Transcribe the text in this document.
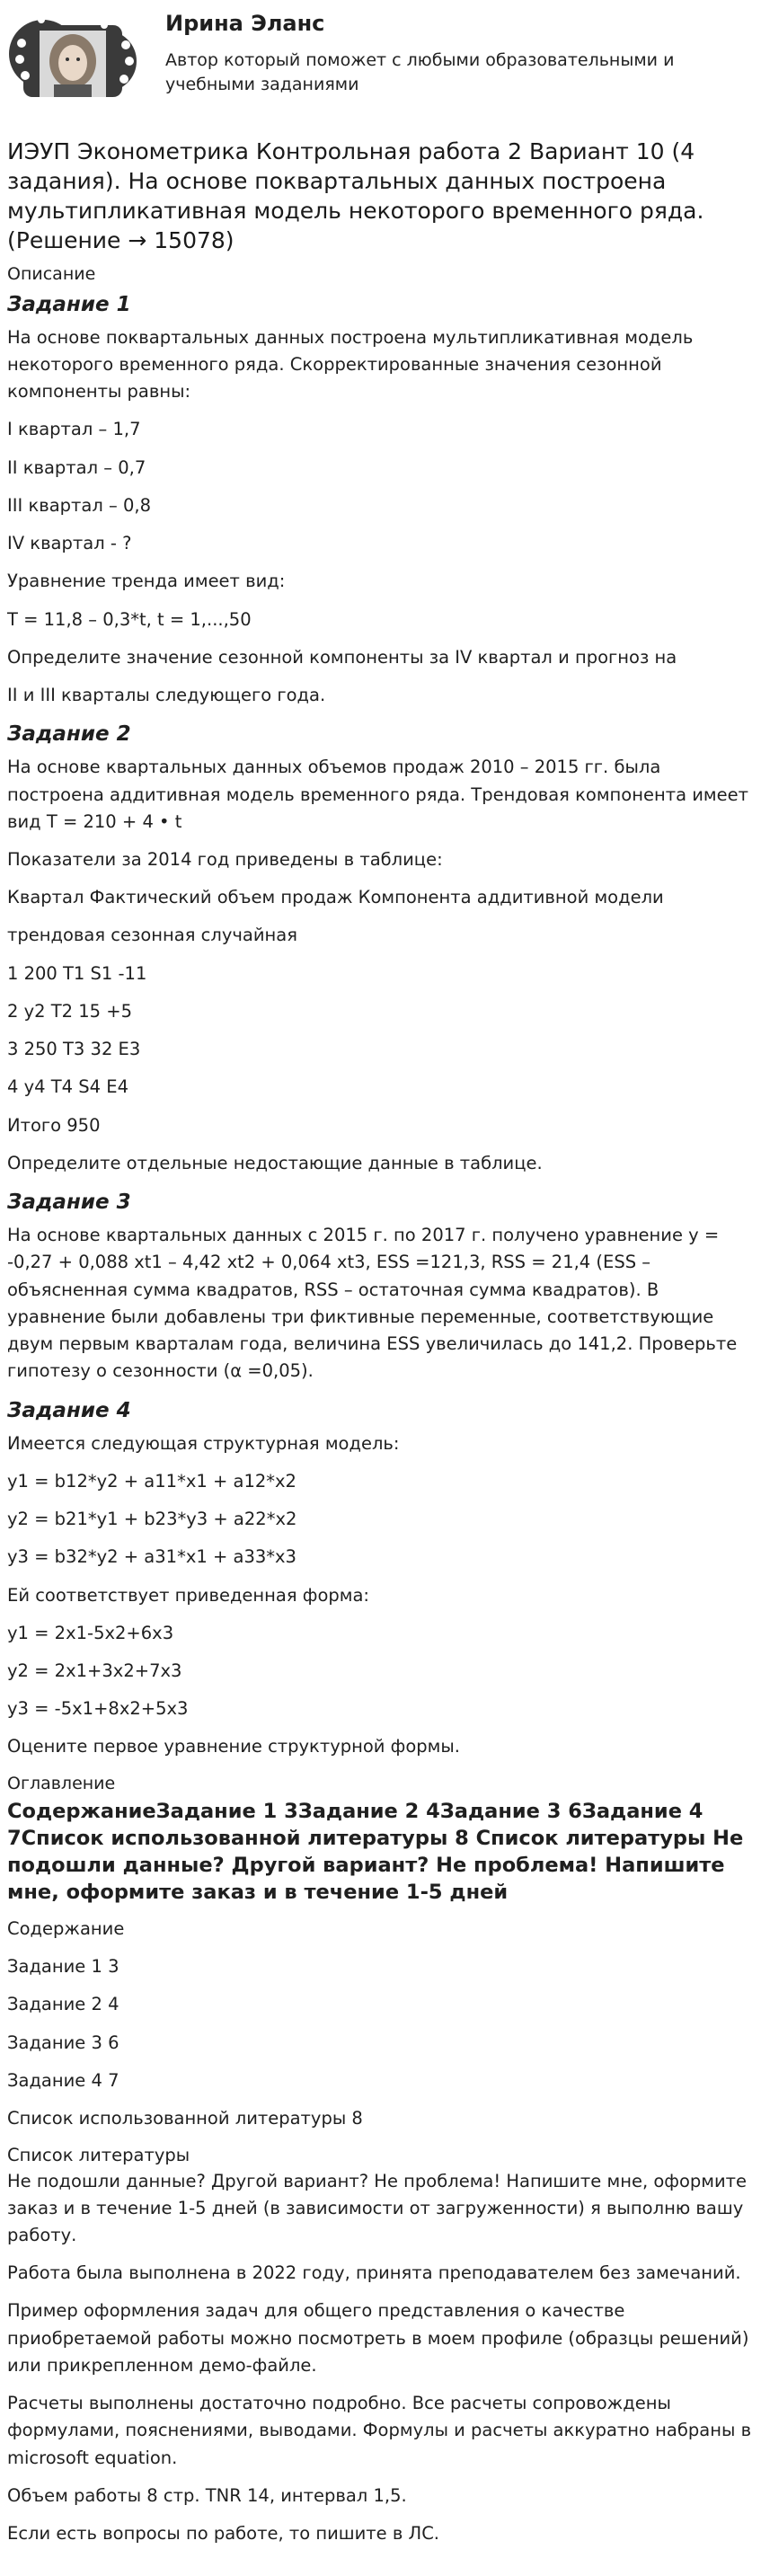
Ирина Эланс
Автор который поможет с любыми образовательными и учебными заданиями
ИЭУП Эконометрика Контрольная работа 2 Вариант 10 (4 задания). На основе поквартальных данных построена мультипликативная модель некоторого временного ряда. (Решение → 15078)
Описание
Задание 1

На основе поквартальных данных построена мультипликативная модель некоторого временного ряда. Скорректированные значения сезонной компоненты равны:

I квартал – 1,7

II квартал – 0,7

III квартал – 0,8

IV квартал - ?

Уравнение тренда имеет вид:

T = 11,8 – 0,3*t, t = 1,...,50

Определите значение сезонной компоненты за IV квартал и прогноз на

II и III кварталы следующего года.

Задание 2

На основе квартальных данных объемов продаж 2010 – 2015 гг. была построена аддитивная модель временного ряда. Трендовая компонента имеет вид T = 210 + 4 • t

Показатели за 2014 год приведены в таблице:

Квартал Фактический объем продаж Компонента аддитивной модели

трендовая сезонная случайная

1 200 T1 S1 -11

2 y2 T2 15 +5

3 250 T3 32 E3

4 y4 T4 S4 E4

Итого 950

Определите отдельные недостающие данные в таблице.

Задание 3

На основе квартальных данных с 2015 г. по 2017 г. получено уравнение y = -0,27 + 0,088 xt1 – 4,42 xt2 + 0,064 xt3, ESS =121,3, RSS = 21,4 (ESS – объясненная сумма квадратов, RSS – остаточная сумма квадратов). В уравнение были добавлены три фиктивные переменные, соответствующие двум первым кварталам года, величина ESS увеличилась до 141,2. Проверьте гипотезу о сезонности (α =0,05).

Задание 4

Имеется следующая структурная модель:

y1 = b12*y2 + a11*x1 + a12*x2

y2 = b21*y1 + b23*y3 + a22*x2

y3 = b32*y2 + a31*x1 + a33*x3

Ей соответствует приведенная форма:

y1 = 2x1-5x2+6x3

y2 = 2x1+3x2+7x3

y3 = -5x1+8x2+5x3

Оцените первое уравнение структурной формы.

Оглавление
СодержаниеЗадание 1 3Задание 2 4Задание 3 6Задание 4 7Список использованной литературы 8 Список литературы Не подошли данные? Другой вариант? Не проблема! Напишите мне, оформите заказ и в течение 1-5 дней

Содержание

Задание 1 3

Задание 2 4

Задание 3 6

Задание 4 7

Список использованной литературы 8

Список литературы

Не подошли данные? Другой вариант? Не проблема! Напишите мне, оформите заказ и в течение 1-5 дней (в зависимости от загруженности) я выполню вашу работу.

Работа была выполнена в 2022 году, принята преподавателем без замечаний.

Пример оформления задач для общего представления о качестве приобретаемой работы можно посмотреть в моем профиле (образцы решений) или прикрепленном демо-файле.

Расчеты выполнены достаточно подробно. Все расчеты сопровождены формулами, пояснениями, выводами. Формулы и расчеты аккуратно набраны в microsoft equation.

Объем работы 8 стр. TNR 14, интервал 1,5.

Если есть вопросы по работе, то пишите в ЛС.
